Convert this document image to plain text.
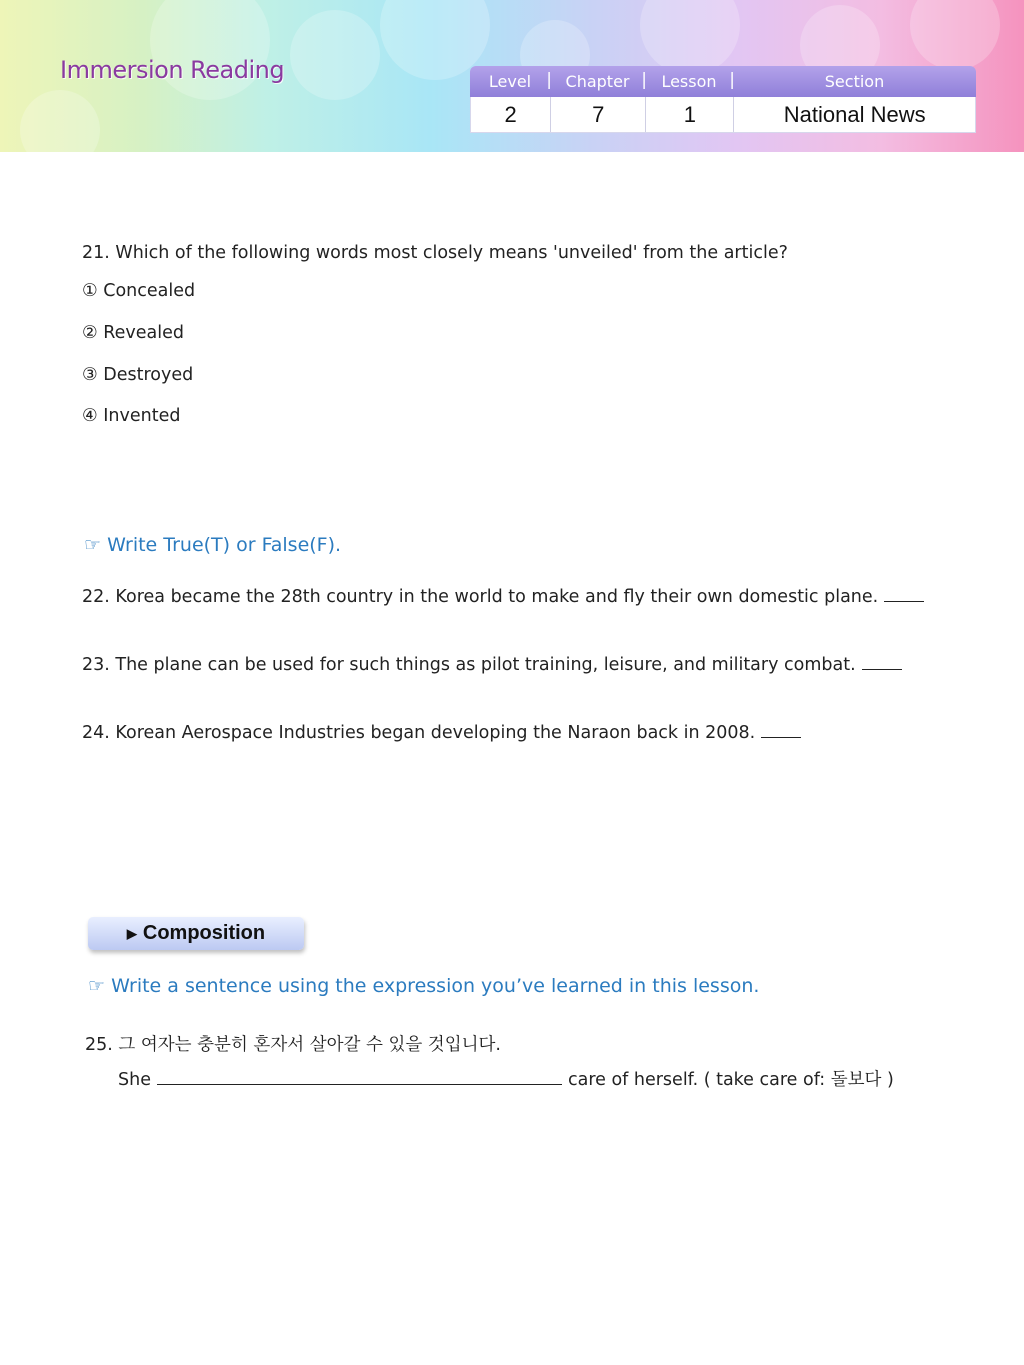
Immersion Reading	Level |	Chapter |	Lesson |	Section
2	7	1	National News
21. Which of the following words most closely means 'unveiled' from the article?
① Concealed
② Revealed
③ Destroyed
④ Invented
☞ Write True(T) or False(F).
22. Korea became the 28th country in the world to make and fly their own domestic plane.
23. The plane can be used for such things as pilot training, leisure, and military combat.
24. Korean Aerospace Industries began developing the Naraon back in 2008.
▶ Composition
☞ Write a sentence using the expression you’ve learned in this lesson.
25. 그 여자는 충분히 혼자서 살아갈 수 있을 것입니다.
She	care of herself. ( take care of: 돌보다 )
